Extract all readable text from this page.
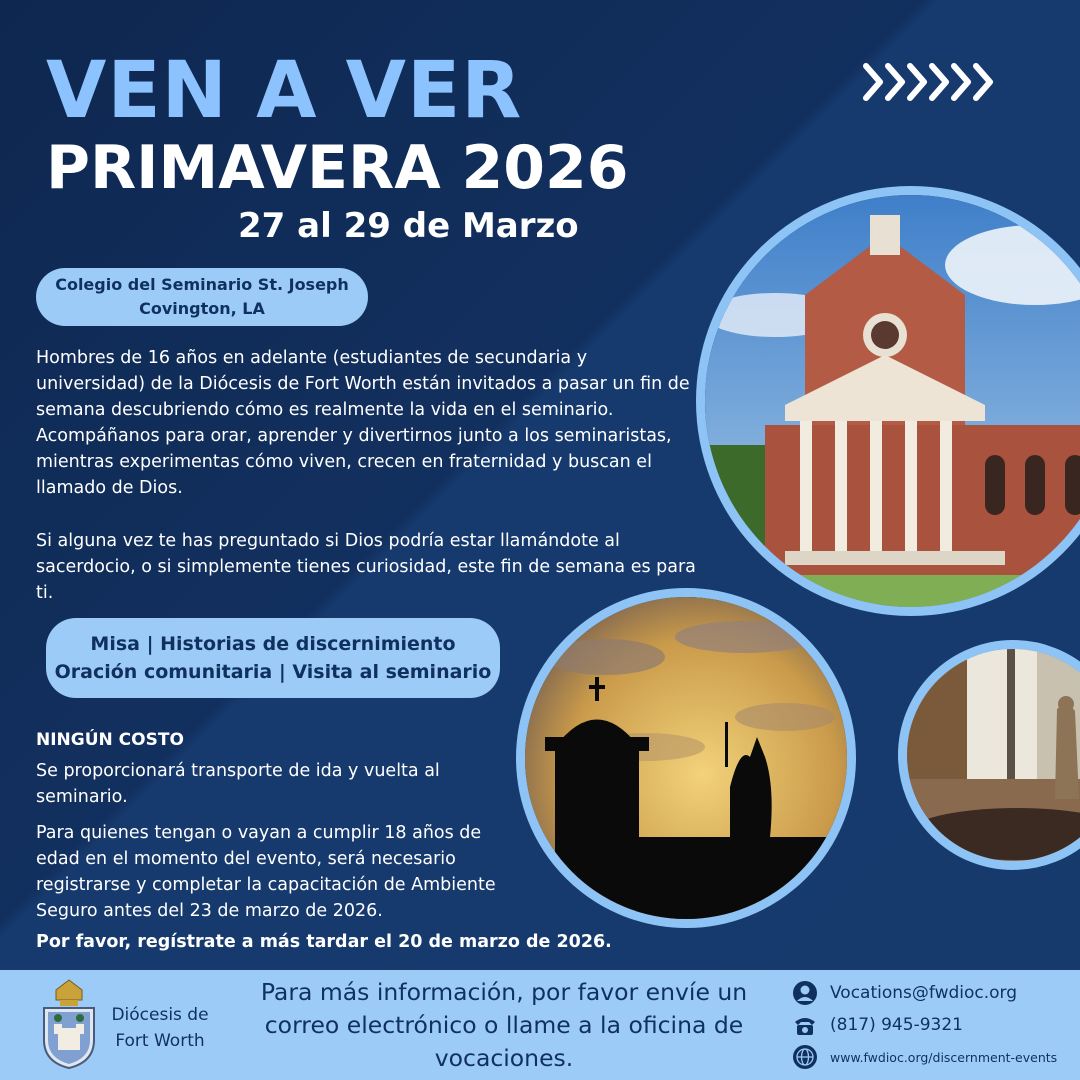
VEN A VER
PRIMAVERA 2026
27 al 29 de Marzo
Colegio del Seminario St. Joseph
Covington, LA

Hombres de 16 años en adelante (estudiantes de secundaria y universidad) de la Diócesis de Fort Worth están invitados a pasar un fin de semana descubriendo cómo es realmente la vida en el seminario. Acompáñanos para orar, aprender y divertirnos junto a los seminaristas, mientras experimentas cómo viven, crecen en fraternidad y buscan el llamado de Dios.

Si alguna vez te has preguntado si Dios podría estar llamándote al sacerdocio, o si simplemente tienes curiosidad, este fin de semana es para ti.

Misa | Historias de discernimiento
Oración comunitaria | Visita al seminario
NINGÚN COSTO

Se proporcionará transporte de ida y vuelta al seminario.

Para quienes tengan o vayan a cumplir 18 años de edad en el momento del evento, será necesario registrarse y completar la capacitación de Ambiente Seguro antes del 23 de marzo de 2026.

Por favor, regístrate a más tardar el 20 de marzo de 2026.
Diócesis de
Fort Worth
Para más información, por favor envíe un correo electrónico o llame a la oficina de vocaciones.
Vocations@fwdioc.org
(817) 945-9321
www.fwdioc.org/discernment-events
